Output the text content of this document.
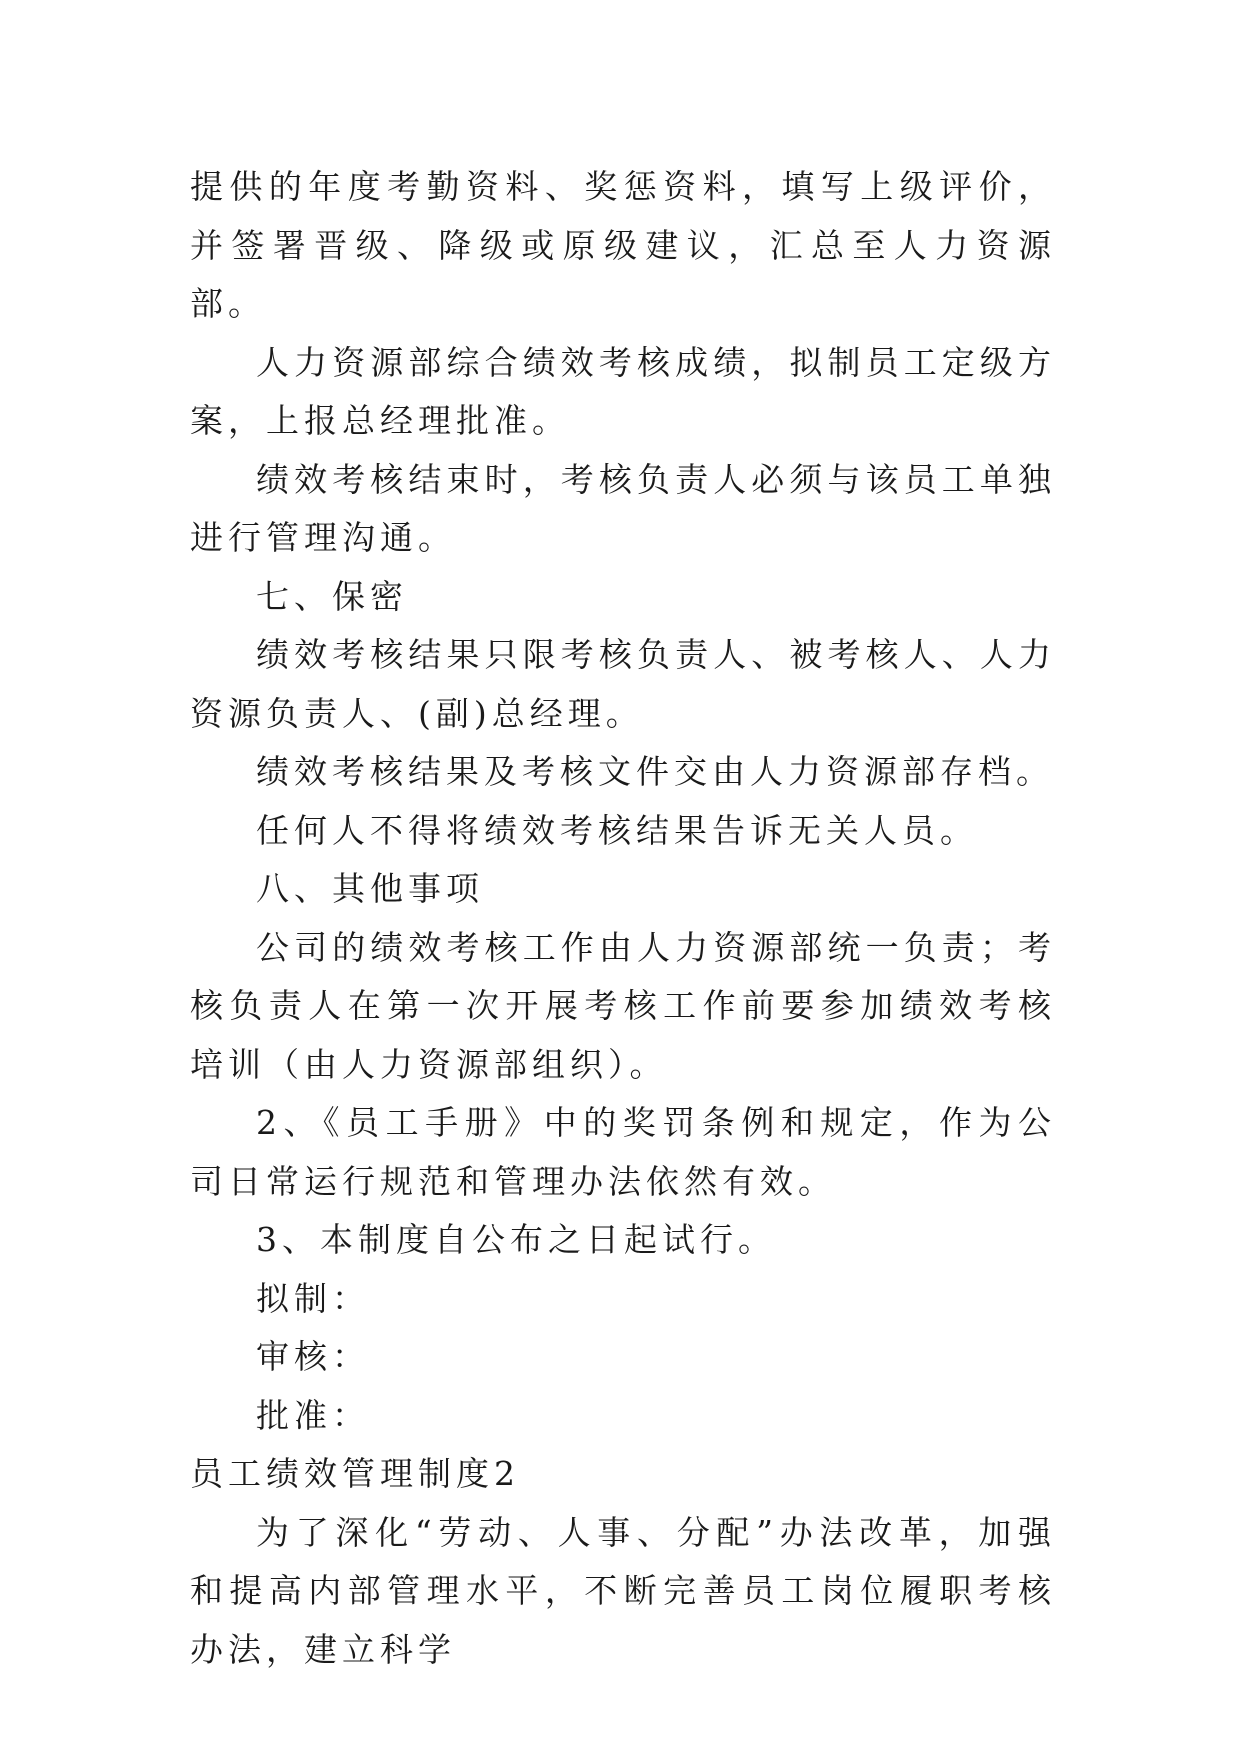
提供的年度考勤资料、奖惩资料，填写上级评价，并签署晋级、降级或原级建议，汇总至人力资源部。

人力资源部综合绩效考核成绩，拟制员工定级方案，上报总经理批准。

绩效考核结束时，考核负责人必须与该员工单独进行管理沟通。

七、保密

绩效考核结果只限考核负责人、被考核人、人力资源负责人、(副)总经理。

绩效考核结果及考核文件交由人力资源部存档。

任何人不得将绩效考核结果告诉无关人员。

八、其他事项

公司的绩效考核工作由人力资源部统一负责；考核负责人在第一次开展考核工作前要参加绩效考核培训（由人力资源部组织）。

2、《员工手册》中的奖罚条例和规定，作为公司日常运行规范和管理办法依然有效。

3、本制度自公布之日起试行。

拟制：

审核：

批准：

员工绩效管理制度2

为了深化“劳动、人事、分配”办法改革，加强和提高内部管理水平，不断完善员工岗位履职考核办法，建立科学
